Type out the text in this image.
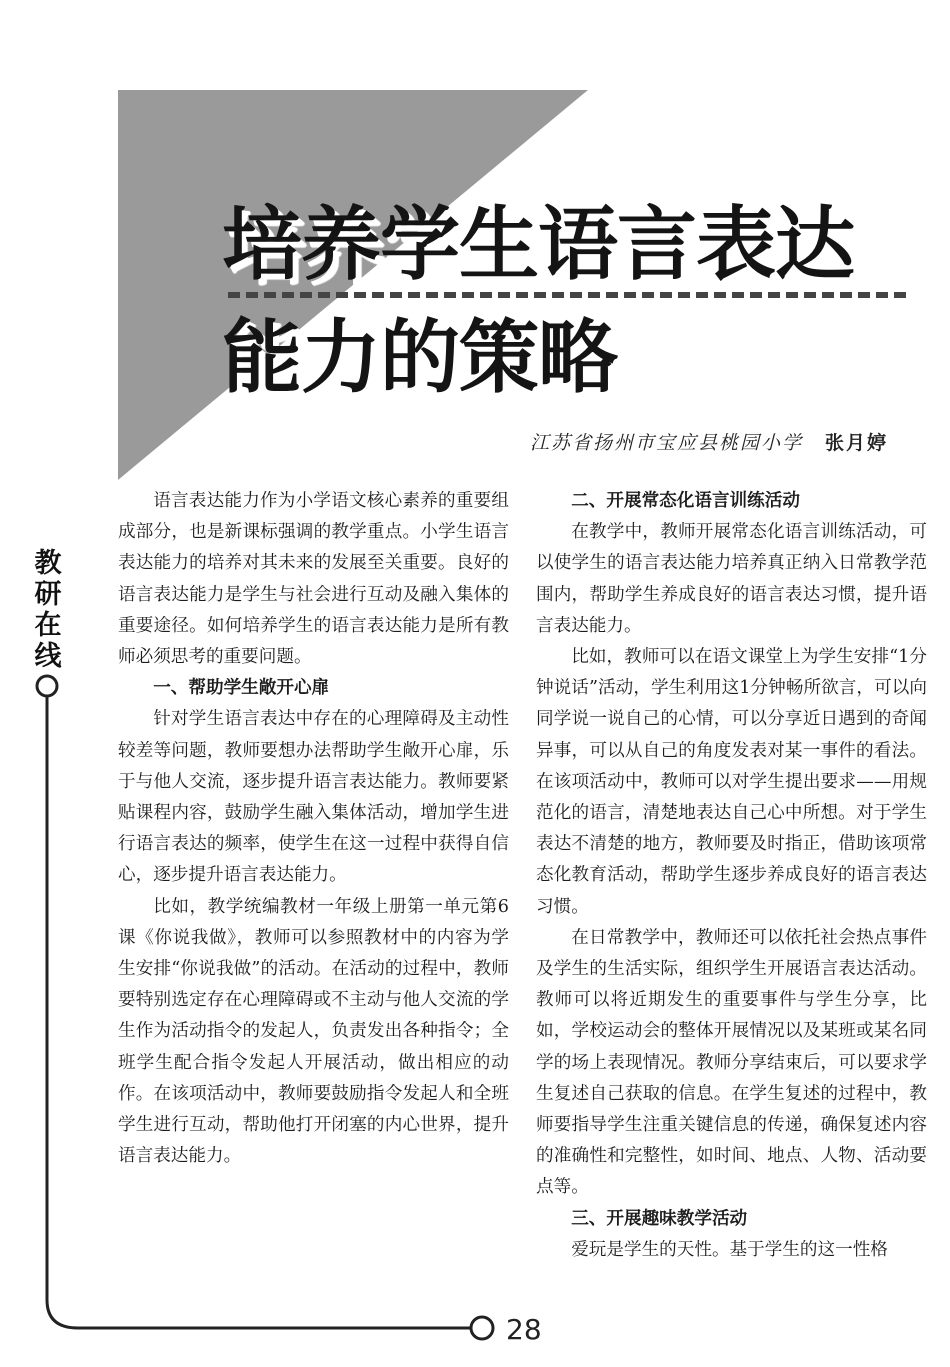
培养学生语言表达
能力的策略
江苏省扬州市宝应县桃园小学 张月婷
教
研
在
线
28

语言表达能力作为小学语文核心素养的重要组成部分，也是新课标强调的教学重点。小学生语言表达能力的培养对其未来的发展至关重要。良好的语言表达能力是学生与社会进行互动及融入集体的重要途径。如何培养学生的语言表达能力是所有教师必须思考的重要问题。

一、帮助学生敞开心扉

针对学生语言表达中存在的心理障碍及主动性较差等问题，教师要想办法帮助学生敞开心扉，乐于与他人交流，逐步提升语言表达能力。教师要紧贴课程内容，鼓励学生融入集体活动，增加学生进行语言表达的频率，使学生在这一过程中获得自信心，逐步提升语言表达能力。

比如，教学统编教材一年级上册第一单元第6课《你说我做》，教师可以参照教材中的内容为学生安排“你说我做”的活动。在活动的过程中，教师要特别选定存在心理障碍或不主动与他人交流的学生作为活动指令的发起人，负责发出各种指令；全班学生配合指令发起人开展活动，做出相应的动作。在该项活动中，教师要鼓励指令发起人和全班学生进行互动，帮助他打开闭塞的内心世界，提升语言表达能力。

二、开展常态化语言训练活动

在教学中，教师开展常态化语言训练活动，可以使学生的语言表达能力培养真正纳入日常教学范围内，帮助学生养成良好的语言表达习惯，提升语言表达能力。

比如，教师可以在语文课堂上为学生安排“1分钟说话”活动，学生利用这1分钟畅所欲言，可以向同学说一说自己的心情，可以分享近日遇到的奇闻异事，可以从自己的角度发表对某一事件的看法。在该项活动中，教师可以对学生提出要求——用规范化的语言，清楚地表达自己心中所想。对于学生表达不清楚的地方，教师要及时指正，借助该项常态化教育活动，帮助学生逐步养成良好的语言表达习惯。

在日常教学中，教师还可以依托社会热点事件及学生的生活实际，组织学生开展语言表达活动。教师可以将近期发生的重要事件与学生分享，比如，学校运动会的整体开展情况以及某班或某名同学的场上表现情况。教师分享结束后，可以要求学生复述自己获取的信息。在学生复述的过程中，教师要指导学生注重关键信息的传递，确保复述内容的准确性和完整性，如时间、地点、人物、活动要点等。

三、开展趣味教学活动

爱玩是学生的天性。基于学生的这一性格
